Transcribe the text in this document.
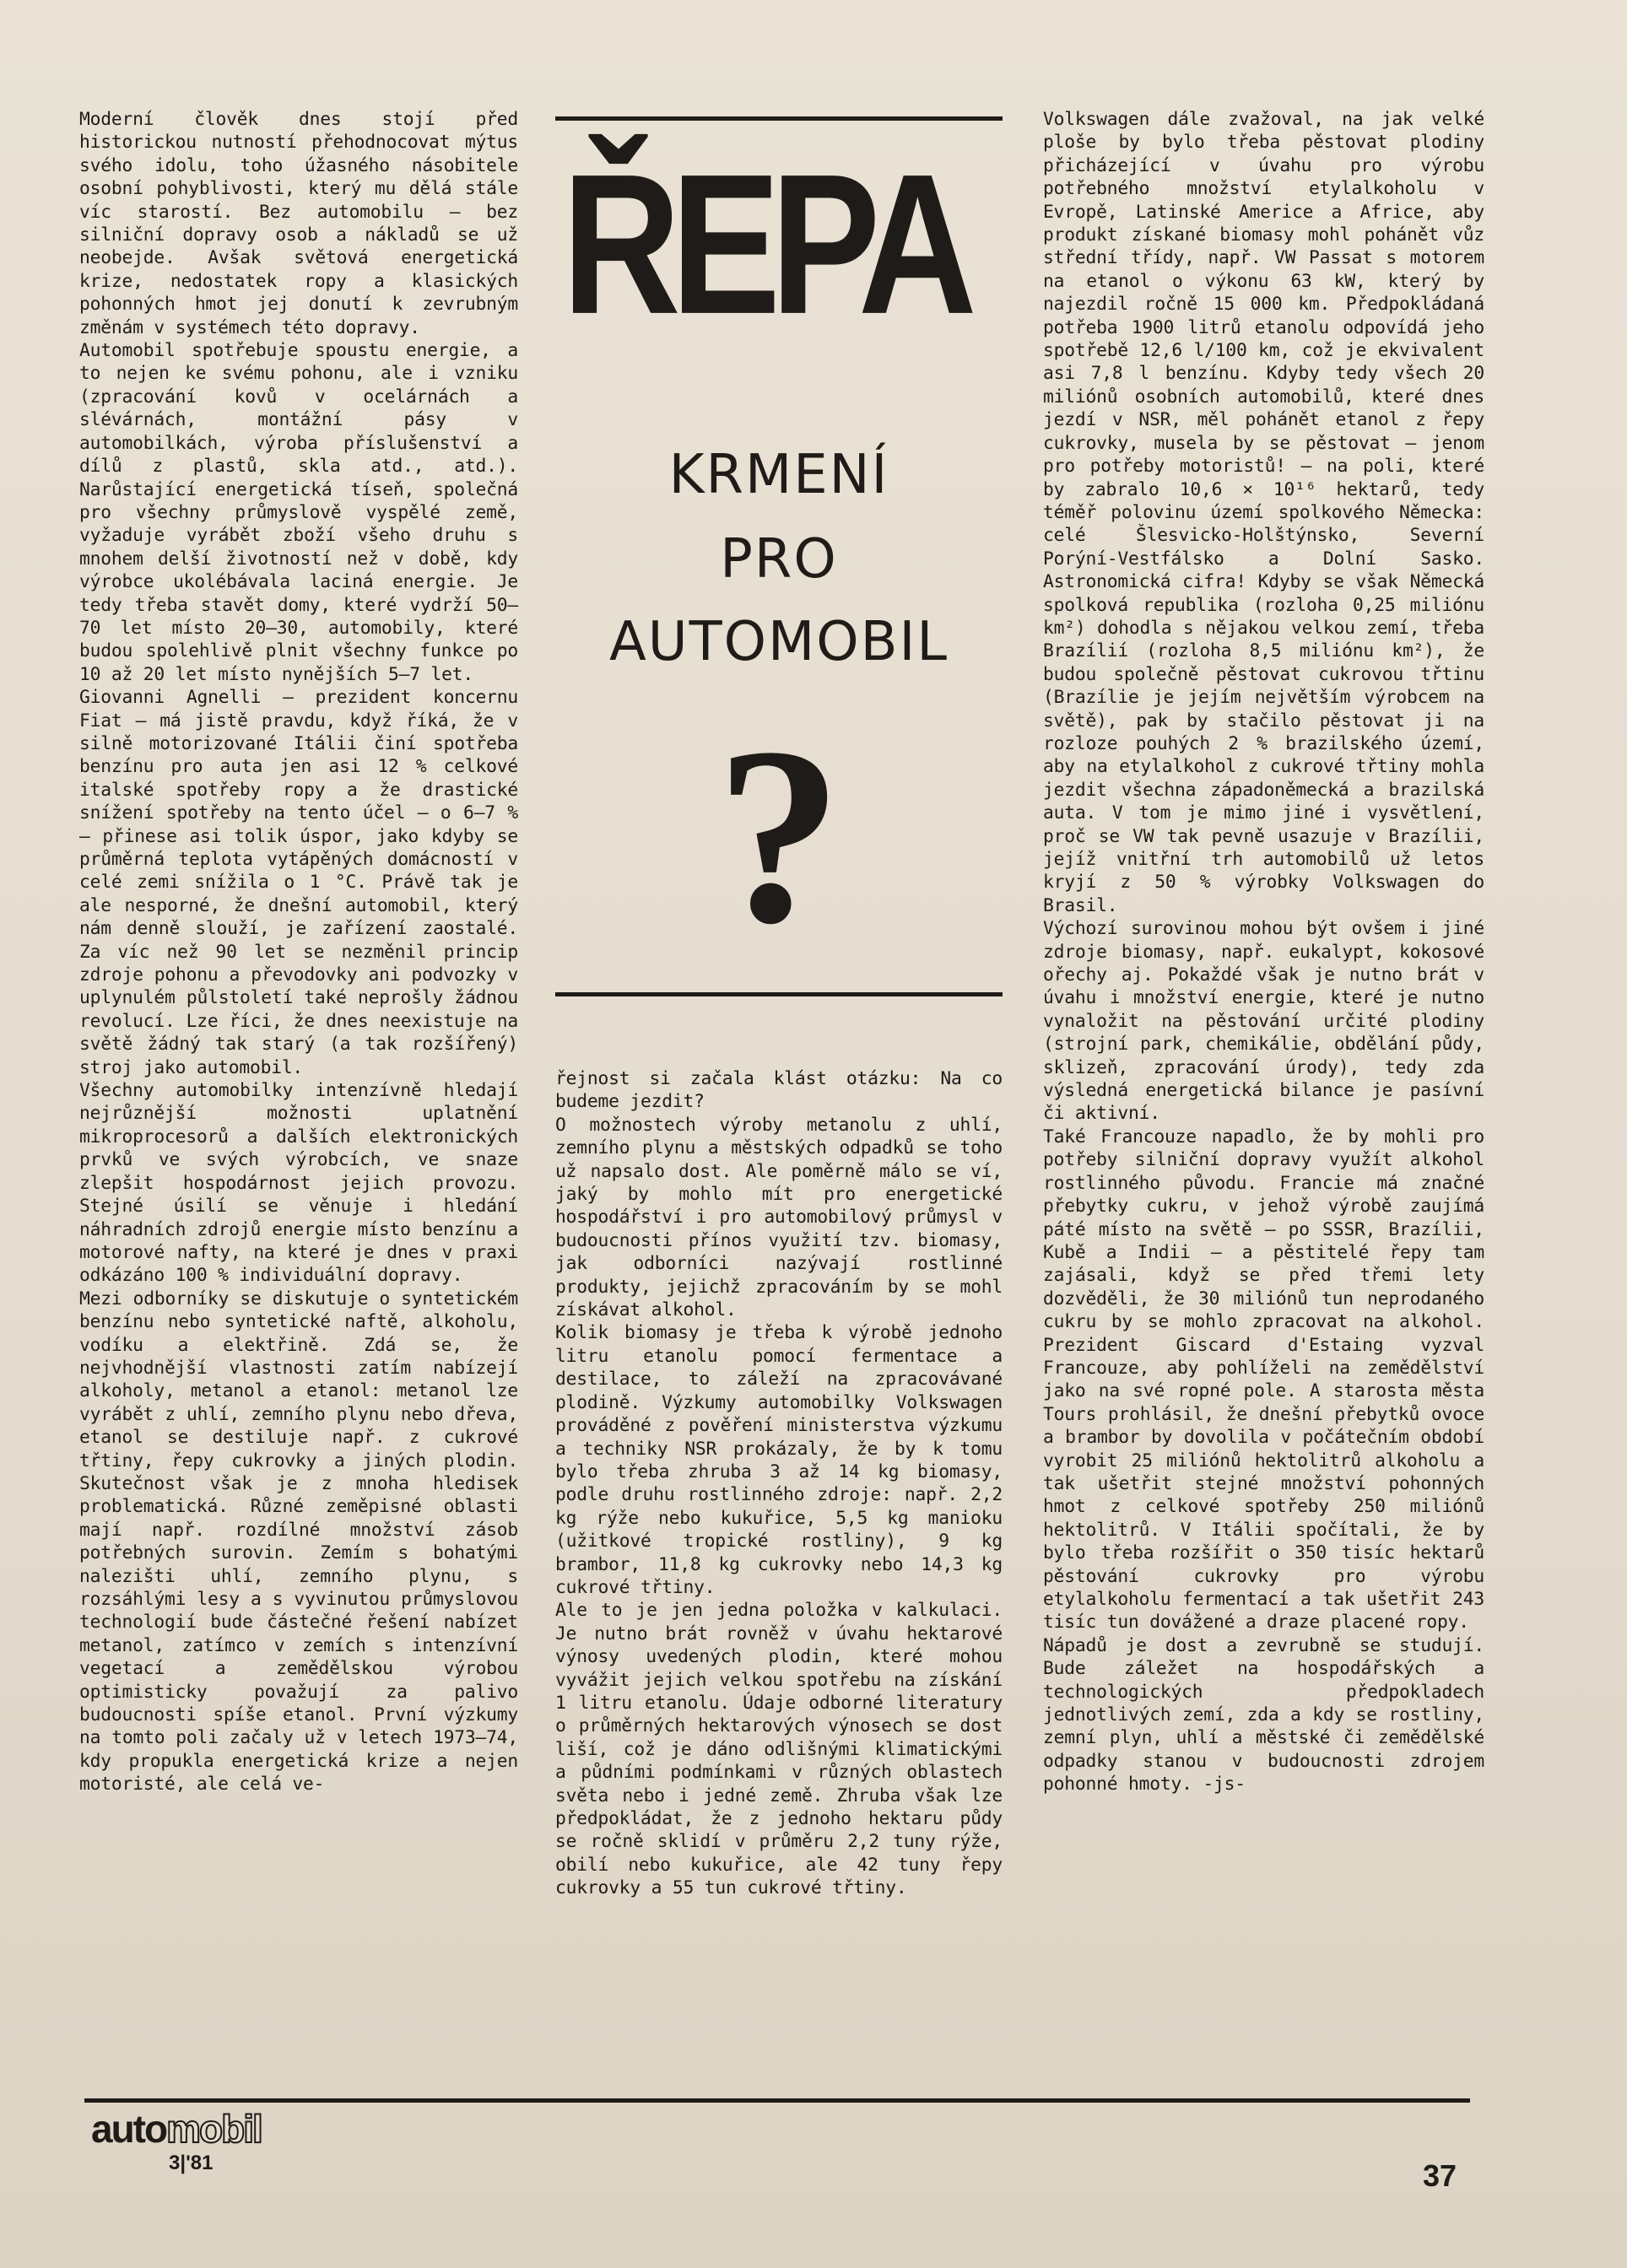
Moderní člověk dnes stojí před historickou nutností přehodnocovat mýtus svého idolu, toho úžasného násobitele osobní pohyblivosti, který mu dělá stále víc starostí. Bez automobilu — bez silniční dopravy osob a nákladů se už neobejde. Avšak světová energetická krize, nedostatek ropy a klasických pohonných hmot jej donutí k zevrubným změnám v systémech této dopravy.

Automobil spotřebuje spoustu energie, a to nejen ke svému pohonu, ale i vzniku (zpracování kovů v ocelárnách a slévárnách, montážní pásy v automobilkách, výroba příslušenství a dílů z plastů, skla atd., atd.). Narůstající energetická tíseň, společná pro všechny průmyslově vyspělé země, vyžaduje vyrábět zboží všeho druhu s mnohem delší životností než v době, kdy výrobce ukolébávala laciná energie. Je tedy třeba stavět domy, které vydrží 50—70 let místo 20—30, automobily, které budou spolehlivě plnit všechny funkce po 10 až 20 let místo nynějších 5—7 let.

Giovanni Agnelli — prezident koncernu Fiat — má jistě pravdu, když říká, že v silně motorizované Itálii činí spotřeba benzínu pro auta jen asi 12 % celkové italské spotřeby ropy a že drastické snížení spotřeby na tento účel — o 6—7 % — přinese asi tolik úspor, jako kdyby se průměrná teplota vytápěných domácností v celé zemi snížila o 1 °C. Právě tak je ale nesporné, že dnešní automobil, který nám denně slouží, je zařízení zaostalé. Za víc než 90 let se nezměnil princip zdroje pohonu a převodovky ani podvozky v uplynulém půlstoletí také neprošly žádnou revolucí. Lze říci, že dnes neexistuje na světě žádný tak starý (a tak rozšířený) stroj jako automobil.

Všechny automobilky intenzívně hledají nejrůznější možnosti uplatnění mikroprocesorů a dalších elektronických prvků ve svých výrobcích, ve snaze zlepšit hospodárnost jejich provozu. Stejné úsilí se věnuje i hledání náhradních zdrojů energie místo benzínu a motorové nafty, na které je dnes v praxi odkázáno 100 % individuální dopravy.

Mezi odborníky se diskutuje o syntetickém benzínu nebo syntetické naftě, alkoholu, vodíku a elektřině. Zdá se, že nejvhodnější vlastnosti zatím nabízejí alkoholy, metanol a etanol: metanol lze vyrábět z uhlí, zemního plynu nebo dřeva, etanol se destiluje např. z cukrové třtiny, řepy cukrovky a jiných plodin. Skutečnost však je z mnoha hledisek problematická. Různé zeměpisné oblasti mají např. rozdílné množství zásob potřebných surovin. Zemím s bohatými nalezišti uhlí, zemního plynu, s rozsáhlými lesy a s vyvinutou průmyslovou technologií bude částečné řešení nabízet metanol, zatímco v zemích s intenzívní vegetací a zemědělskou výrobou optimisticky považují za palivo budoucnosti spíše etanol. První výzkumy na tomto poli začaly už v letech 1973—74, kdy propukla energetická krize a nejen motoristé, ale celá ve-

ŘEPA
KRMENÍ
PRO
AUTOMOBIL
?

řejnost si začala klást otázku: Na co budeme jezdit?

O možnostech výroby metanolu z uhlí, zemního plynu a městských odpadků se toho už napsalo dost. Ale poměrně málo se ví, jaký by mohlo mít pro energetické hospodářství i pro automobilový průmysl v budoucnosti přínos využití tzv. biomasy, jak odborníci nazývají rostlinné produkty, jejichž zpracováním by se mohl získávat alkohol.

Kolik biomasy je třeba k výrobě jednoho litru etanolu pomocí fermentace a destilace, to záleží na zpracovávané plodině. Výzkumy automobilky Volkswagen prováděné z pověření ministerstva výzkumu a techniky NSR prokázaly, že by k tomu bylo třeba zhruba 3 až 14 kg biomasy, podle druhu rostlinného zdroje: např. 2,2 kg rýže nebo kukuřice, 5,5 kg manioku (užitkové tropické rostliny), 9 kg brambor, 11,8 kg cukrovky nebo 14,3 kg cukrové třtiny.

Ale to je jen jedna položka v kalkulaci. Je nutno brát rovněž v úvahu hektarové výnosy uvedených plodin, které mohou vyvážit jejich velkou spotřebu na získání 1 litru etanolu. Údaje odborné literatury o průměrných hektarových výnosech se dost liší, což je dáno odlišnými klimatickými a půdními podmínkami v různých oblastech světa nebo i jedné země. Zhruba však lze předpokládat, že z jednoho hektaru půdy se ročně sklidí v průměru 2,2 tuny rýže, obilí nebo kukuřice, ale 42 tuny řepy cukrovky a 55 tun cukrové třtiny.

Volkswagen dále zvažoval, na jak velké ploše by bylo třeba pěstovat plodiny přicházející v úvahu pro výrobu potřebného množství etylalkoholu v Evropě, Latinské Americe a Africe, aby produkt získané biomasy mohl pohánět vůz střední třídy, např. VW Passat s motorem na etanol o výkonu 63 kW, který by najezdil ročně 15 000 km. Předpokládaná potřeba 1900 litrů etanolu odpovídá jeho spotřebě 12,6 l/100 km, což je ekvivalent asi 7,8 l benzínu. Kdyby tedy všech 20 miliónů osobních automobilů, které dnes jezdí v NSR, měl pohánět etanol z řepy cukrovky, musela by se pěstovat — jenom pro potřeby motoristů! — na poli, které by zabralo 10,6 × 10¹⁶ hektarů, tedy téměř polovinu území spolkového Německa: celé Šlesvicko-Holštýnsko, Severní Porýní-Vestfálsko a Dolní Sasko. Astronomická cifra! Kdyby se však Německá spolková republika (rozloha 0,25 miliónu km²) dohodla s nějakou velkou zemí, třeba Brazílií (rozloha 8,5 miliónu km²), že budou společně pěstovat cukrovou třtinu (Brazílie je jejím největším výrobcem na světě), pak by stačilo pěstovat ji na rozloze pouhých 2 % brazilského území, aby na etylalkohol z cukrové třtiny mohla jezdit všechna západoněmecká a brazilská auta. V tom je mimo jiné i vysvětlení, proč se VW tak pevně usazuje v Brazílii, jejíž vnitřní trh automobilů už letos kryjí z 50 % výrobky Volkswagen do Brasil.

Výchozí surovinou mohou být ovšem i jiné zdroje biomasy, např. eukalypt, kokosové ořechy aj. Pokaždé však je nutno brát v úvahu i množství energie, které je nutno vynaložit na pěstování určité plodiny (strojní park, chemikálie, obdělání půdy, sklizeň, zpracování úrody), tedy zda výsledná energetická bilance je pasívní či aktivní.

Také Francouze napadlo, že by mohli pro potřeby silniční dopravy využít alkohol rostlinného původu. Francie má značné přebytky cukru, v jehož výrobě zaujímá páté místo na světě — po SSSR, Brazílii, Kubě a Indii — a pěstitelé řepy tam zajásali, když se před třemi lety dozvěděli, že 30 miliónů tun neprodaného cukru by se mohlo zpracovat na alkohol. Prezident Giscard d'Estaing vyzval Francouze, aby pohlíželi na zemědělství jako na své ropné pole. A starosta města Tours prohlásil, že dnešní přebytků ovoce a brambor by dovolila v počátečním období vyrobit 25 miliónů hektolitrů alkoholu a tak ušetřit stejné množství pohonných hmot z celkové spotřeby 250 miliónů hektolitrů. V Itálii spočítali, že by bylo třeba rozšířit o 350 tisíc hektarů pěstování cukrovky pro výrobu etylalkoholu fermentací a tak ušetřit 243 tisíc tun dovážené a draze placené ropy.

Nápadů je dost a zevrubně se studují. Bude záležet na hospodářských a technologických předpokladech jednotlivých zemí, zda a kdy se rostliny, zemní plyn, uhlí a městské či zemědělské odpadky stanou v budoucnosti zdrojem pohonné hmoty. -js-

automobil
3|'81	37
